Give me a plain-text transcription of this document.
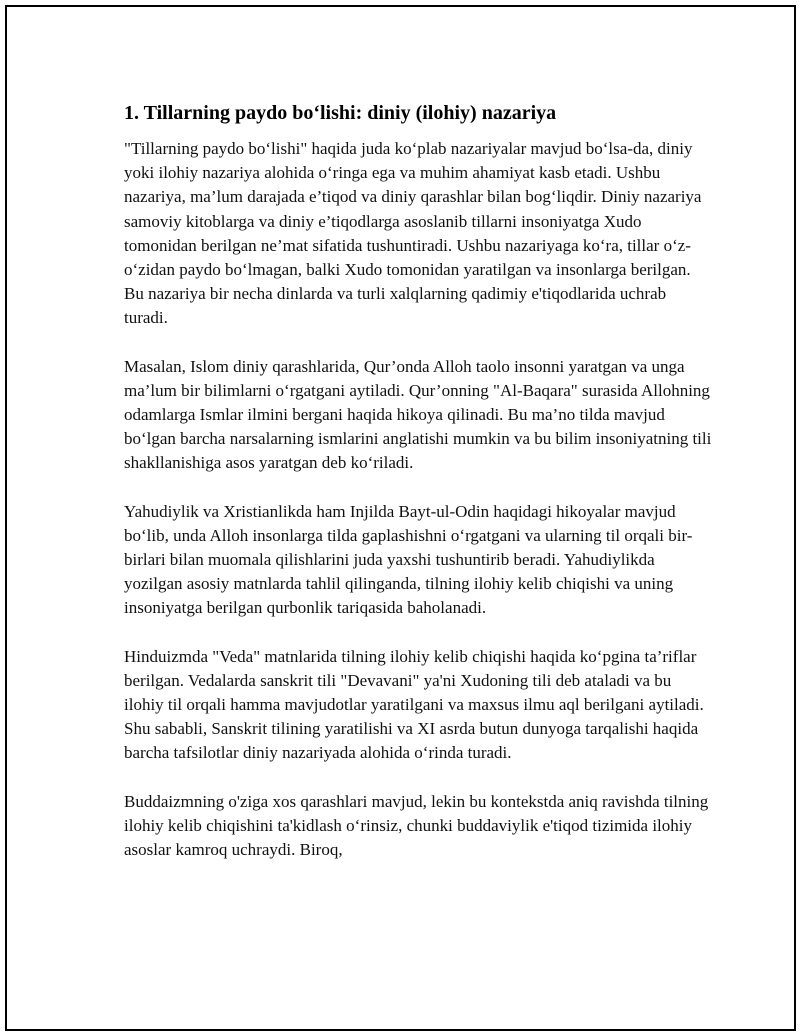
1. Tillarning paydo bo‘lishi: diniy (ilohiy) nazariya

"Tillarning paydo bo‘lishi" haqida juda ko‘plab nazariyalar mavjud bo‘lsa-da, diniy yoki ilohiy nazariya alohida o‘ringa ega va muhim ahamiyat kasb etadi. Ushbu nazariya, ma’lum darajada e’tiqod va diniy qarashlar bilan bog‘liqdir. Diniy nazariya samoviy kitoblarga va diniy e’tiqodlarga asoslanib tillarni insoniyatga Xudo tomonidan berilgan ne’mat sifatida tushuntiradi. Ushbu nazariyaga ko‘ra, tillar o‘z-o‘zidan paydo bo‘lmagan, balki Xudo tomonidan yaratilgan va insonlarga berilgan. Bu nazariya bir necha dinlarda va turli xalqlarning qadimiy e'tiqodlarida uchrab turadi.

Masalan, Islom diniy qarashlarida, Qur’onda Alloh taolo insonni yaratgan va unga ma’lum bir bilimlarni o‘rgatgani aytiladi. Qur’onning "Al-Baqara" surasida Allohning odamlarga Ismlar ilmini bergani haqida hikoya qilinadi. Bu ma’no tilda mavjud bo‘lgan barcha narsalarning ismlarini anglatishi mumkin va bu bilim insoniyatning tili shakllanishiga asos yaratgan deb ko‘riladi.

Yahudiylik va Xristianlikda ham Injilda Bayt-ul-Odin haqidagi hikoyalar mavjud bo‘lib, unda Alloh insonlarga tilda gaplashishni o‘rgatgani va ularning til orqali bir-birlari bilan muomala qilishlarini juda yaxshi tushuntirib beradi. Yahudiylikda yozilgan asosiy matnlarda tahlil qilinganda, tilning ilohiy kelib chiqishi va uning insoniyatga berilgan qurbonlik tariqasida baholanadi.

Hinduizmda "Veda" matnlarida tilning ilohiy kelib chiqishi haqida ko‘pgina ta’riflar berilgan. Vedalarda sanskrit tili "Devavani" ya'ni Xudoning tili deb ataladi va bu ilohiy til orqali hamma mavjudotlar yaratilgani va maxsus ilmu aql berilgani aytiladi. Shu sababli, Sanskrit tilining yaratilishi va XI asrda butun dunyoga tarqalishi haqida barcha tafsilotlar diniy nazariyada alohida o‘rinda turadi.

Buddaizmning o'ziga xos qarashlari mavjud, lekin bu kontekstda aniq ravishda tilning ilohiy kelib chiqishini ta'kidlash o‘rinsiz, chunki buddaviylik e'tiqod tizimida ilohiy asoslar kamroq uchraydi. Biroq,
